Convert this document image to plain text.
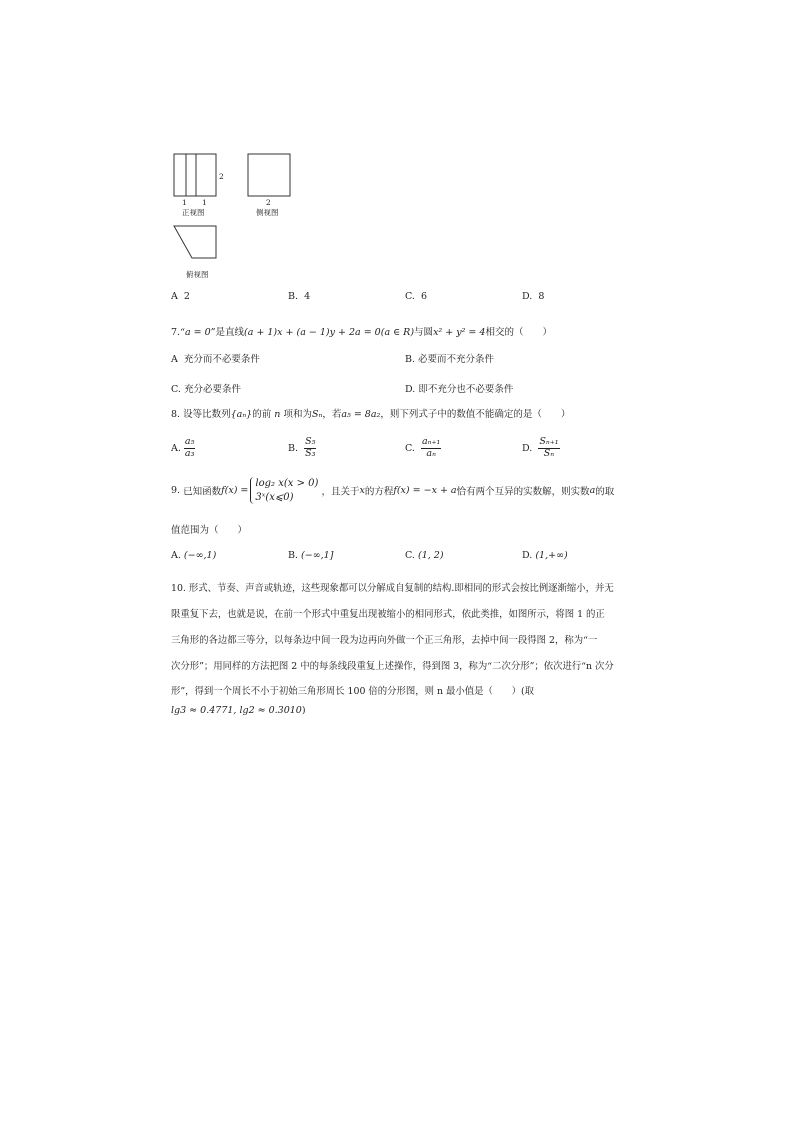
1 1
2
正视图
2
侧视图
俯视图
A 2	B. 4	C. 6	D. 8
7.“a = 0”是直线(a + 1)x + (a − 1)y + 2a = 0(a ∈ R)与圆x² + y² = 4相交的（　　）
A 充分而不必要条件	B. 必要而不充分条件
C. 充分必要条件	D. 即不充分也不必要条件
8. 设等比数列{aₙ}的前 n 项和为Sₙ，若a₅ = 8a₂，则下列式子中的数值不能确定的是（　　）
A. $\frac{\text{a₅}}{\text{a₃}}$	B. $\frac{\text{S₅}}{\text{S₃}}$	C. $\frac{\text{aₙ₊₁}}{\text{aₙ}}$	D. $\frac{\text{Sₙ₊₁}}{\text{Sₙ}}$
9. 已知函数f(x) =log₂ x(x > 0)
3ˣ(x⩽0)	，且关于x的方程f(x) = −x + a恰有两个互异的实数解，则实数a的取
值范围为（　　）
A. (−∞,1)	B. (−∞,1]	C. (1, 2)	D. (1,+∞)
10. 形式、节奏、声音或轨迹，这些现象都可以分解成自复制的结构.即相同的形式会按比例逐渐缩小，并无
限重复下去，也就是说，在前一个形式中重复出现被缩小的相同形式，依此类推，如图所示，将图 1 的正
三角形的各边都三等分，以每条边中间一段为边再向外做一个正三角形，去掉中间一段得图 2，称为“一
次分形”；用同样的方法把图 2 中的每条线段重复上述操作，得到图 3，称为“二次分形”；依次进行“n 次分
形”，得到一个周长不小于初始三角形周长 100 倍的分形图，则 n 最小值是（　　）(取
lg3 ≈ 0.4771, lg2 ≈ 0.3010)
